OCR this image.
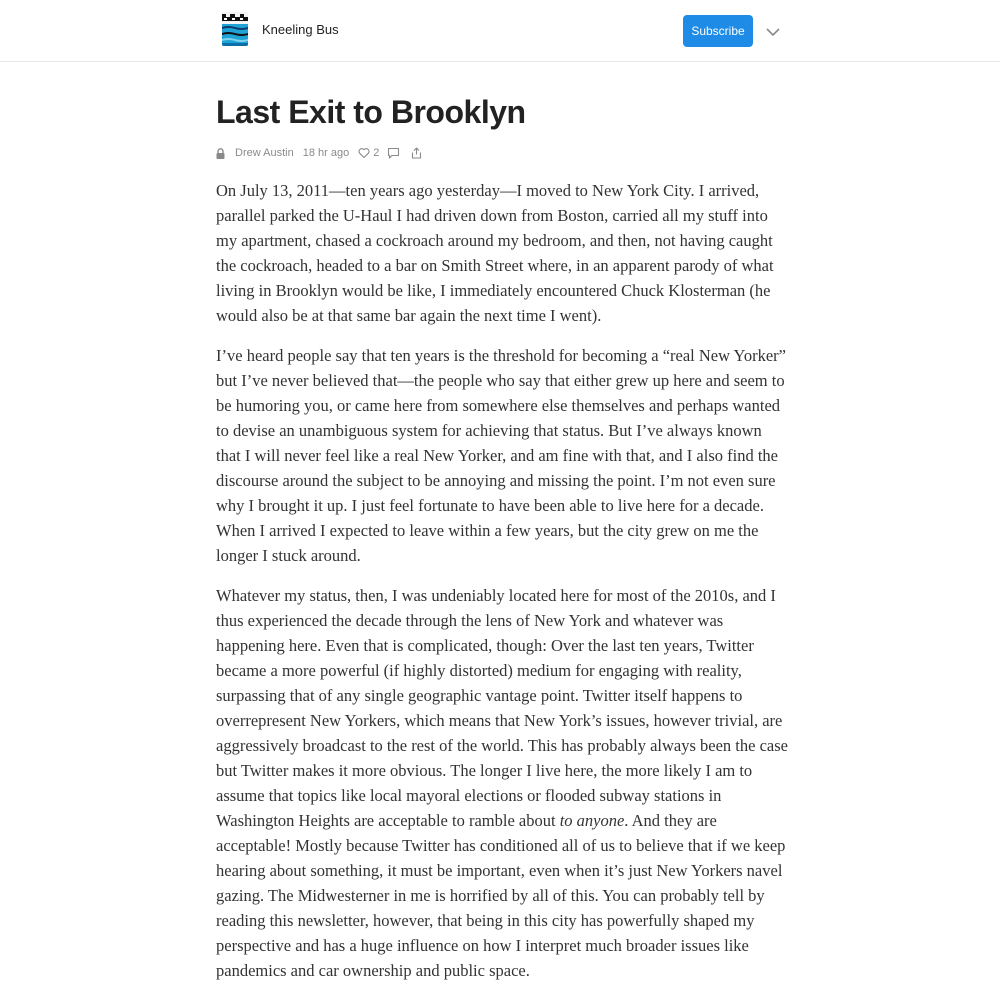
Kneeling Bus	Subscribe
Last Exit to Brooklyn
Drew Austin 18 hr ago 2

On July 13, 2011—ten years ago yesterday—I moved to New York City. I arrived, parallel parked the U-Haul I had driven down from Boston, carried all my stuff into my apartment, chased a cockroach around my bedroom, and then, not having caught the cockroach, headed to a bar on Smith Street where, in an apparent parody of what living in Brooklyn would be like, I immediately encountered Chuck Klosterman (he would also be at that same bar again the next time I went).

I’ve heard people say that ten years is the threshold for becoming a “real New Yorker” but I’ve never believed that—the people who say that either grew up here and seem to be humoring you, or came here from somewhere else themselves and perhaps wanted to devise an unambiguous system for achieving that status. But I’ve always known that I will never feel like a real New Yorker, and am fine with that, and I also find the discourse around the subject to be annoying and missing the point. I’m not even sure why I brought it up. I just feel fortunate to have been able to live here for a decade. When I arrived I expected to leave within a few years, but the city grew on me the longer I stuck around.

Whatever my status, then, I was undeniably located here for most of the 2010s, and I thus experienced the decade through the lens of New York and whatever was happening here. Even that is complicated, though: Over the last ten years, Twitter became a more powerful (if highly distorted) medium for engaging with reality, surpassing that of any single geographic vantage point. Twitter itself happens to overrepresent New Yorkers, which means that New York’s issues, however trivial, are aggressively broadcast to the rest of the world. This has probably always been the case but Twitter makes it more obvious. The longer I live here, the more likely I am to assume that topics like local mayoral elections or flooded subway stations in Washington Heights are acceptable to ramble about to anyone. And they are acceptable! Mostly because Twitter has conditioned all of us to believe that if we keep hearing about something, it must be important, even when it’s just New Yorkers navel gazing. The Midwesterner in me is horrified by all of this. You can probably tell by reading this newsletter, however, that being in this city has powerfully shaped my perspective and has a huge influence on how I interpret much broader issues like pandemics and car ownership and public space.
